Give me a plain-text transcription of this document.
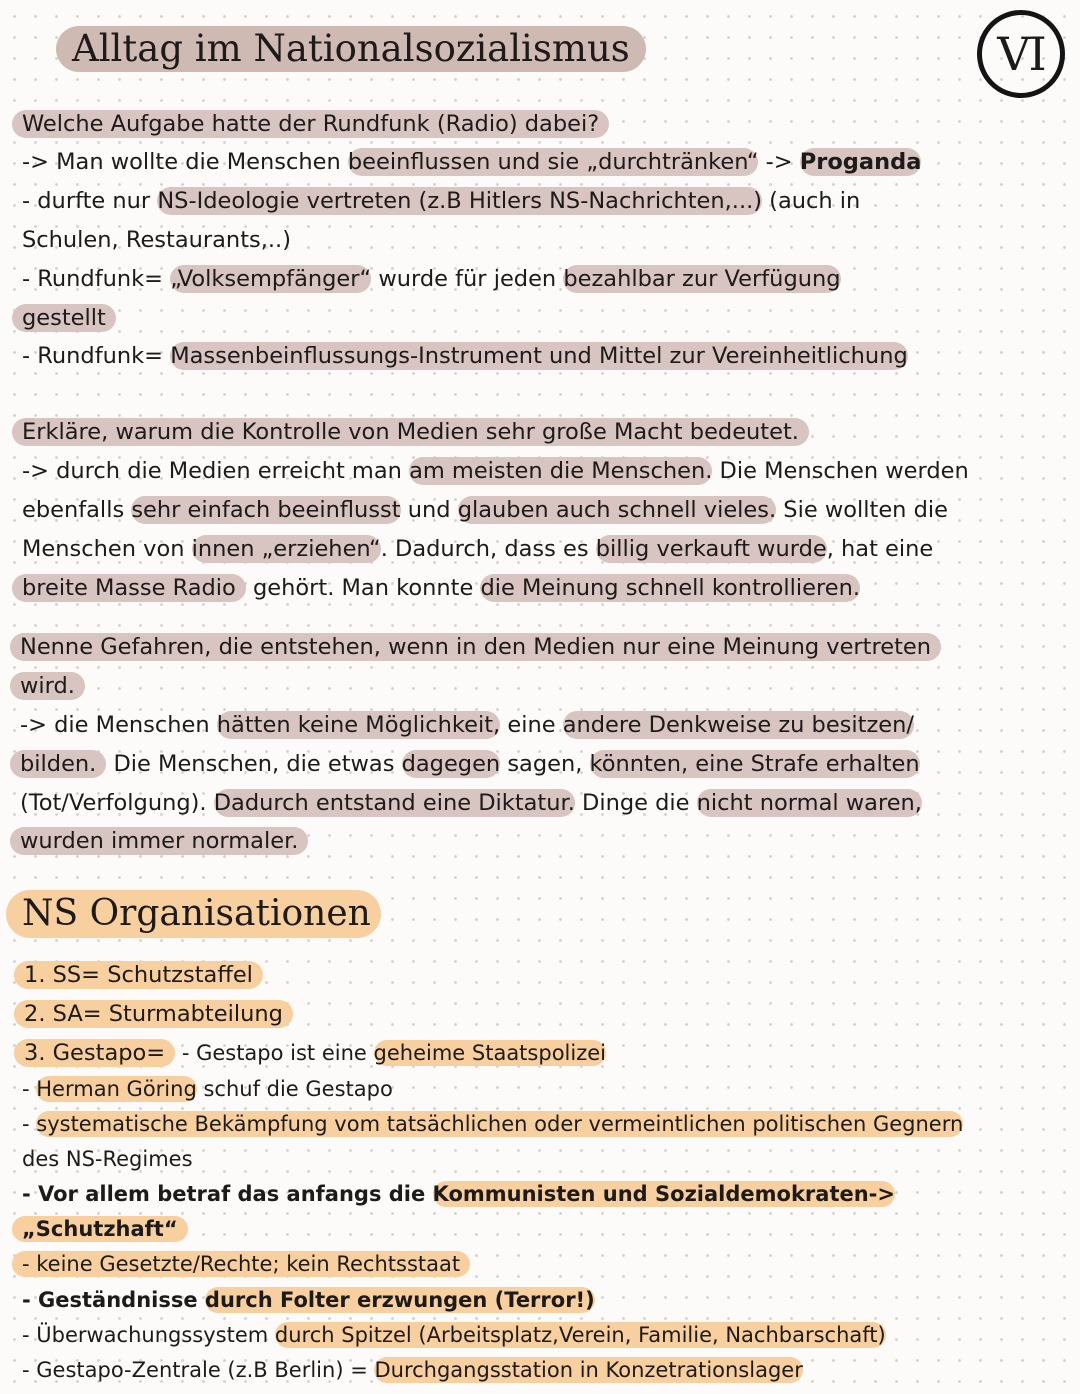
Alltag im Nationalsozialismus	VI
Welche Aufgabe hatte der Rundfunk (Radio) dabei?
-> Man wollte die Menschen beeinflussen und sie „durchtränken“ -> Proganda
- durfte nur NS-Ideologie vertreten (z.B Hitlers NS-Nachrichten,...) (auch in
Schulen, Restaurants,..)
- Rundfunk= „Volksempfänger“ wurde für jeden bezahlbar zur Verfügung
gestellt
- Rundfunk= Massenbeinflussungs-Instrument und Mittel zur Vereinheitlichung
Erkläre, warum die Kontrolle von Medien sehr große Macht bedeutet.
-> durch die Medien erreicht man am meisten die Menschen. Die Menschen werden
ebenfalls sehr einfach beeinflusst und glauben auch schnell vieles. Sie wollten die
Menschen von innen „erziehen“. Dadurch, dass es billig verkauft wurde, hat eine
breite Masse Radio gehört. Man konnte die Meinung schnell kontrollieren.
Nenne Gefahren, die entstehen, wenn in den Medien nur eine Meinung vertreten
wird.
-> die Menschen hätten keine Möglichkeit, eine andere Denkweise zu besitzen/
bilden. Die Menschen, die etwas dagegen sagen, könnten, eine Strafe erhalten
(Tot/Verfolgung). Dadurch entstand eine Diktatur. Dinge die nicht normal waren,
wurden immer normaler.
NS Organisationen
1. SS= Schutzstaffel
2. SA= Sturmabteilung
3. Gestapo= - Gestapo ist eine geheime Staatspolizei
- Herman Göring schuf die Gestapo
- systematische Bekämpfung vom tatsächlichen oder vermeintlichen politischen Gegnern
des NS-Regimes
- Vor allem betraf das anfangs die Kommunisten und Sozialdemokraten->
„Schutzhaft“
- keine Gesetzte/Rechte; kein Rechtsstaat
- Geständnisse durch Folter erzwungen (Terror!)
- Überwachungssystem durch Spitzel (Arbeitsplatz,Verein, Familie, Nachbarschaft)
- Gestapo-Zentrale (z.B Berlin) = Durchgangsstation in Konzetrationslager
